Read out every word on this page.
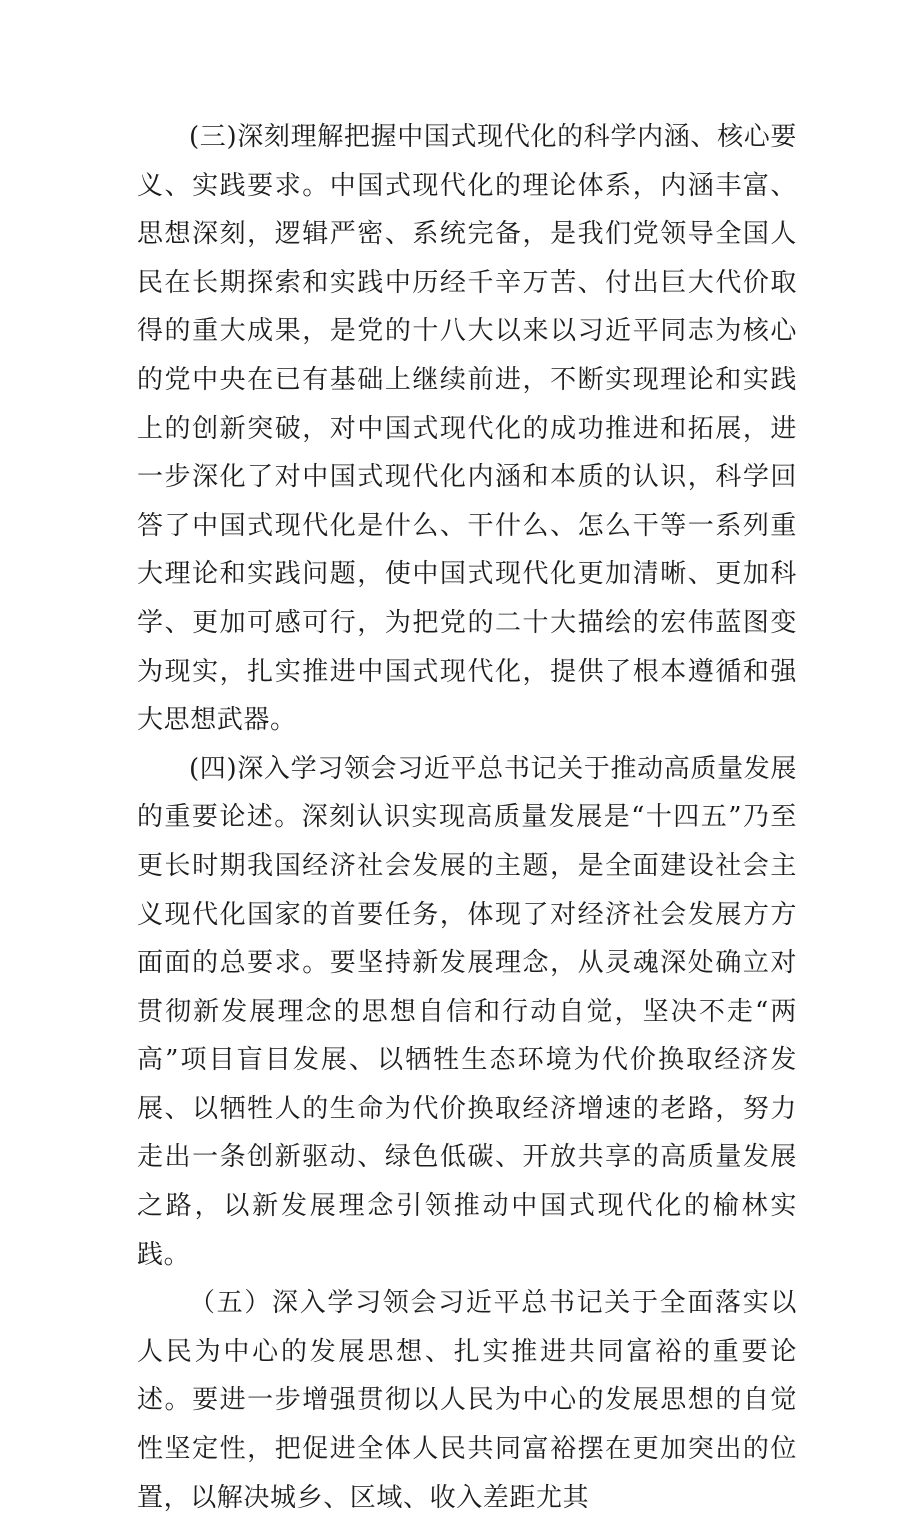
(三)深刻理解把握中国式现代化的科学内涵、核心要义、实践要求。中国式现代化的理论体系，内涵丰富、思想深刻，逻辑严密、系统完备，是我们党领导全国人民在长期探索和实践中历经千辛万苦、付出巨大代价取得的重大成果，是党的十八大以来以习近平同志为核心的党中央在已有基础上继续前进，不断实现理论和实践上的创新突破，对中国式现代化的成功推进和拓展，进一步深化了对中国式现代化内涵和本质的认识，科学回答了中国式现代化是什么、干什么、怎么干等一系列重大理论和实践问题，使中国式现代化更加清晰、更加科学、更加可感可行，为把党的二十大描绘的宏伟蓝图变为现实，扎实推进中国式现代化，提供了根本遵循和强大思想武器。

(四)深入学习领会习近平总书记关于推动高质量发展的重要论述。深刻认识实现高质量发展是“十四五”乃至更长时期我国经济社会发展的主题，是全面建设社会主义现代化国家的首要任务，体现了对经济社会发展方方面面的总要求。要坚持新发展理念，从灵魂深处确立对贯彻新发展理念的思想自信和行动自觉，坚决不走“两高”项目盲目发展、以牺牲生态环境为代价换取经济发展、以牺牲人的生命为代价换取经济增速的老路，努力走出一条创新驱动、绿色低碳、开放共享的高质量发展之路，以新发展理念引领推动中国式现代化的榆林实践。

（五）深入学习领会习近平总书记关于全面落实以人民为中心的发展思想、扎实推进共同富裕的重要论述。要进一步增强贯彻以人民为中心的发展思想的自觉性坚定性，把促进全体人民共同富裕摆在更加突出的位置，以解决城乡、区域、收入差距尤其
